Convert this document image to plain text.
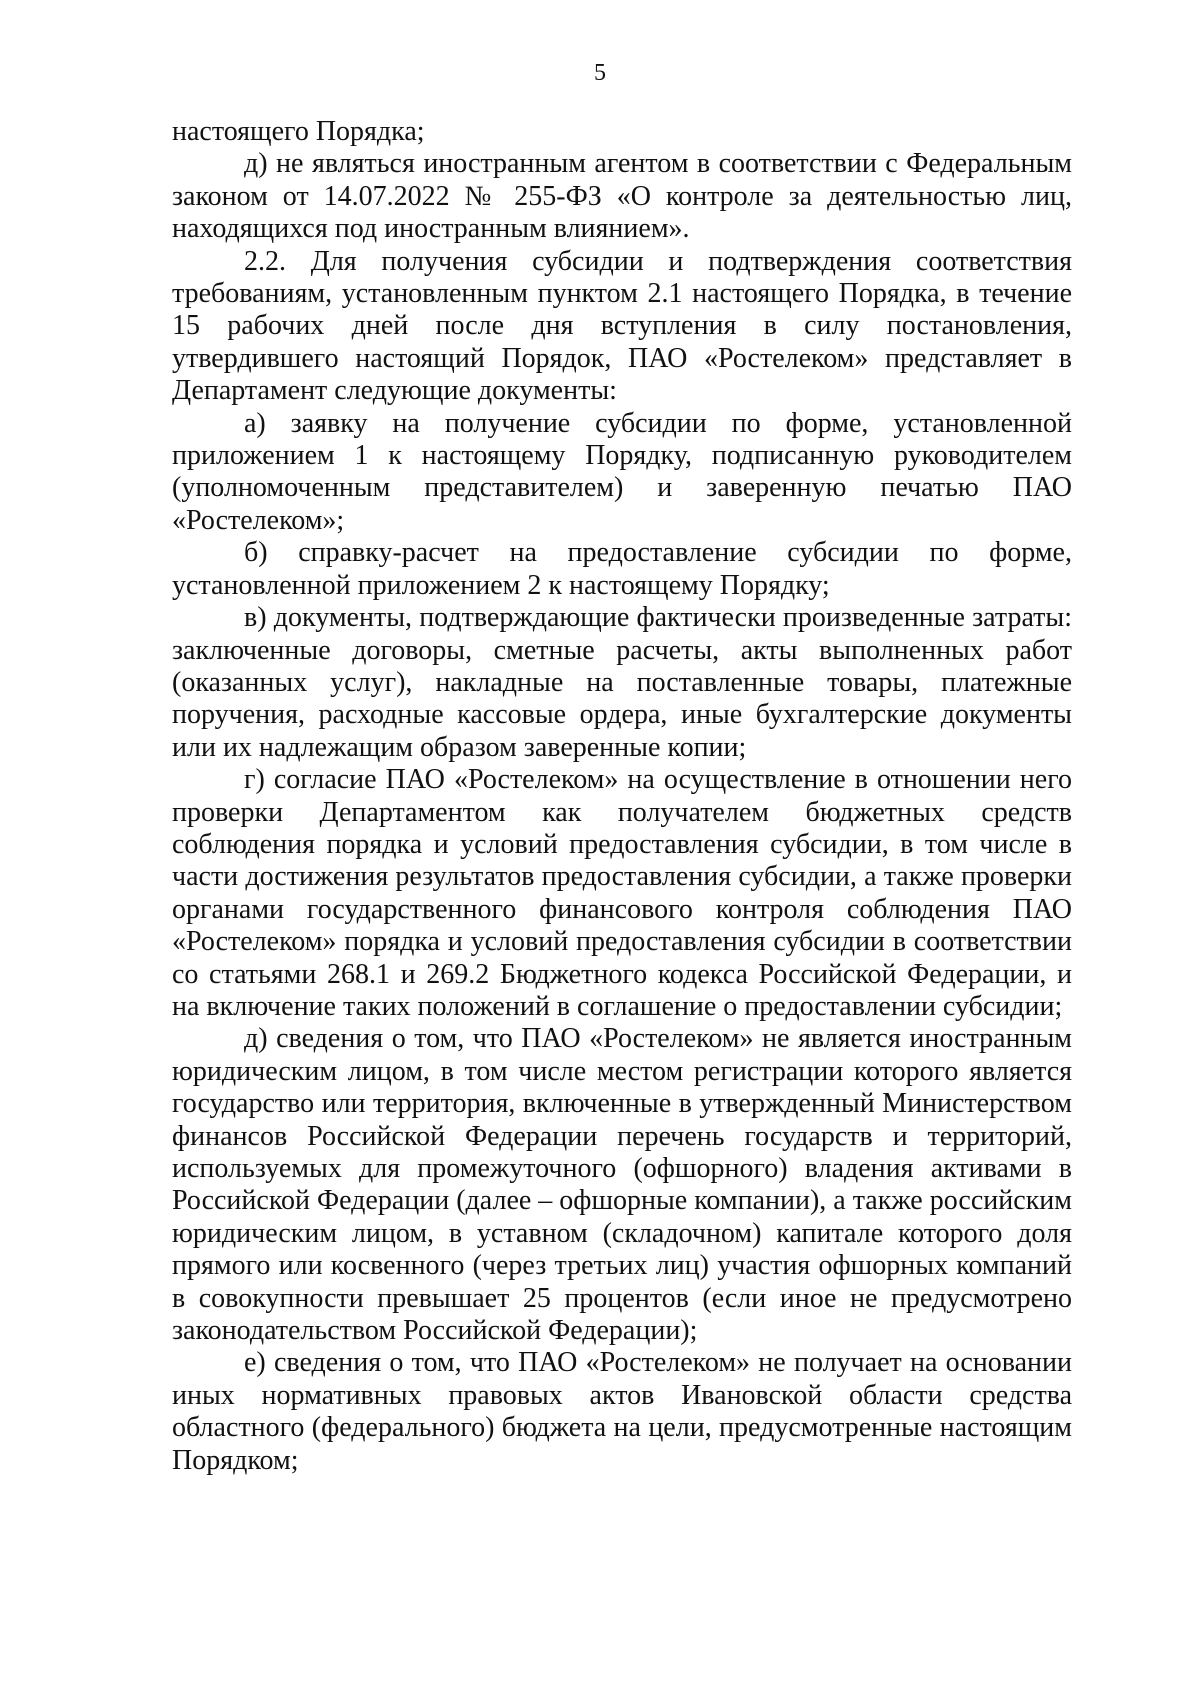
5

настоящего Порядка;

д) не являться иностранным агентом в соответствии с Федеральным законом от 14.07.2022 № 255-ФЗ «О контроле за деятельностью лиц, находящихся под иностранным влиянием».

2.2. Для получения субсидии и подтверждения соответствия требованиям, установленным пунктом 2.1 настоящего Порядка, в течение 15 рабочих дней после дня вступления в силу постановления, утвердившего настоящий Порядок, ПАО «Ростелеком» представляет в Департамент следующие документы:

а) заявку на получение субсидии по форме, установленной приложением 1 к настоящему Порядку, подписанную руководителем (уполномоченным представителем) и заверенную печатью ПАО «Ростелеком»;

б) справку-расчет на предоставление субсидии по форме, установленной приложением 2 к настоящему Порядку;

в) документы, подтверждающие фактически произведенные затраты: заключенные договоры, сметные расчеты, акты выполненных работ (оказанных услуг), накладные на поставленные товары, платежные поручения, расходные кассовые ордера, иные бухгалтерские документы или их надлежащим образом заверенные копии;

г) согласие ПАО «Ростелеком» на осуществление в отношении него проверки Департаментом как получателем бюджетных средств соблюдения порядка и условий предоставления субсидии, в том числе в части достижения результатов предоставления субсидии, а также проверки органами государственного финансового контроля соблюдения ПАО «Ростелеком» порядка и условий предоставления субсидии в соответствии со статьями 268.1 и 269.2 Бюджетного кодекса Российской Федерации, и на включение таких положений в соглашение о предоставлении субсидии;

д) сведения о том, что ПАО «Ростелеком» не является иностранным юридическим лицом, в том числе местом регистрации которого является государство или территория, включенные в утвержденный Министерством финансов Российской Федерации перечень государств и территорий, используемых для промежуточного (офшорного) владения активами в Российской Федерации (далее – офшорные компании), а также российским юридическим лицом, в уставном (складочном) капитале которого доля прямого или косвенного (через третьих лиц) участия офшорных компаний в совокупности превышает 25 процентов (если иное не предусмотрено законодательством Российской Федерации);

е) сведения о том, что ПАО «Ростелеком» не получает на основании иных нормативных правовых актов Ивановской области средства областного (федерального) бюджета на цели, предусмотренные настоящим Порядком;
